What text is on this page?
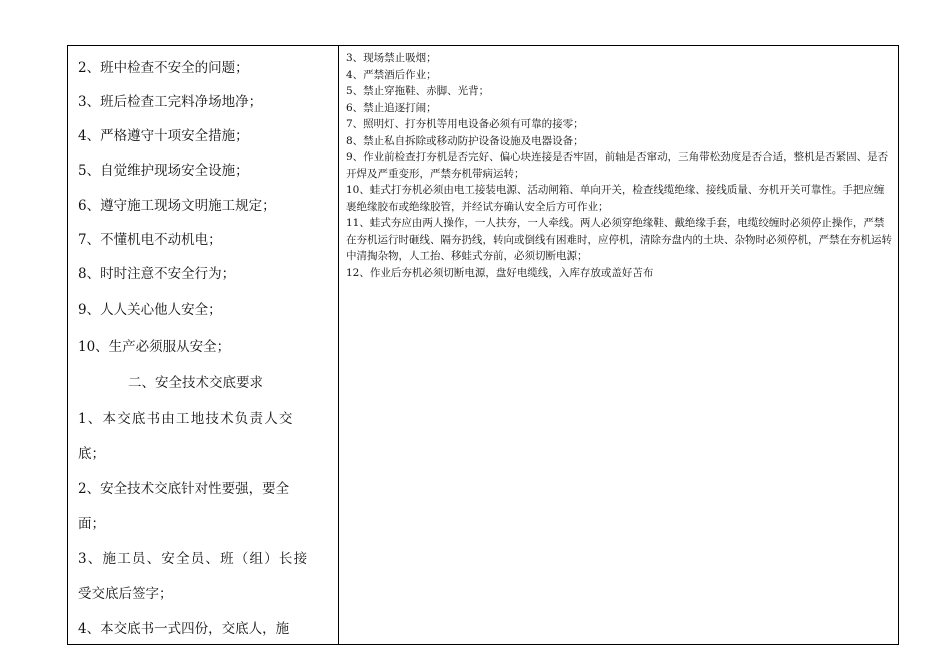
2、班中检查不安全的问题；
3、班后检查工完料净场地净；
4、严格遵守十项安全措施；
5、自觉维护现场安全设施；
6、遵守施工现场文明施工规定；
7、不懂机电不动机电；
8、时时注意不安全行为；
9、人人关心他人安全；
10、生产必须服从安全；
二、安全技术交底要求
1、本交底书由工地技术负责人交
底；
2、安全技术交底针对性要强，要全
面；
3、施工员、安全员、班（组）长接
受交底后签字；
4、本交底书一式四份，交底人，施

3、现场禁止吸烟；

4、严禁酒后作业；

5、禁止穿拖鞋、赤脚、光背；

6、禁止追逐打闹；

7、照明灯、打夯机等用电设备必须有可靠的接零；

8、禁止私自拆除或移动防护设备设施及电器设备；

9、作业前检查打夯机是否完好、偏心块连接是否牢固，前轴是否窜动，三角带松劲度是否合适，整机是否紧固、是否开焊及严重变形，严禁夯机带病运转；

10、蛙式打夯机必须由电工接装电源、活动闸箱、单向开关，检查线缆绝缘、接线质量、夯机开关可靠性。手把应缠裹绝缘胶布或绝缘胶管，并经试夯确认安全后方可作业；

11、蛙式夯应由两人操作，一人扶夯，一人牵线。两人必须穿绝缘鞋、戴绝缘手套，电缆绞缠时必须停止操作，严禁在夯机运行时砸线、隔夯扔线，转向或倒线有困难时，应停机，清除夯盘内的土块、杂物时必须停机，严禁在夯机运转中清掏杂物，人工抬、移蛙式夯前，必须切断电源；

12、作业后夯机必须切断电源，盘好电缆线，入库存放或盖好苫布
